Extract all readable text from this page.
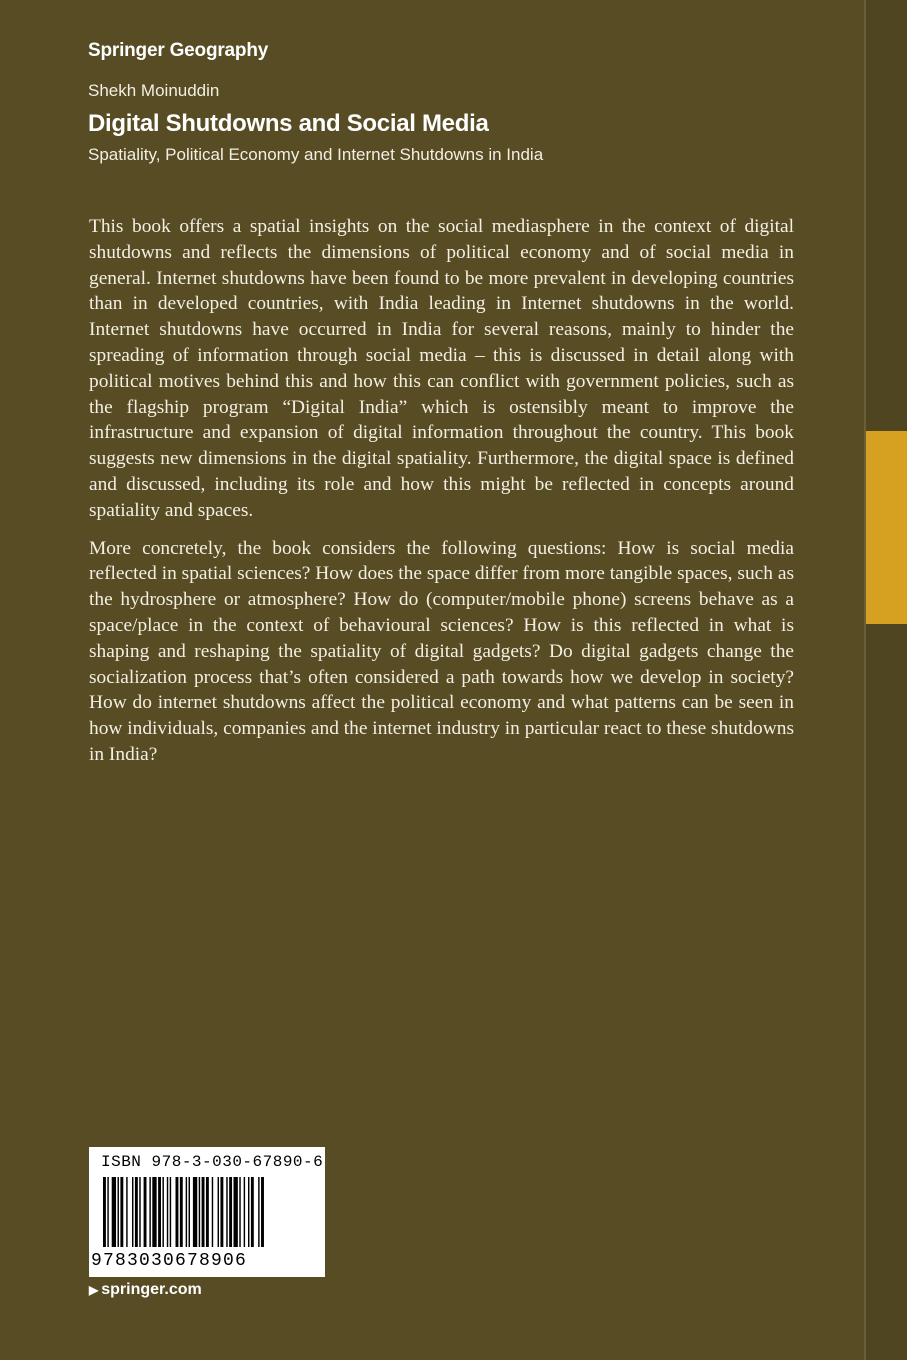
Springer Geography
Shekh Moinuddin
Digital Shutdowns and Social Media
Spatiality, Political Economy and Internet Shutdowns in India

This book offers a spatial insights on the social mediasphere in the context of digital shutdowns and reflects the dimensions of political economy and of social media in general. Internet shutdowns have been found to be more prevalent in developing countries than in developed countries, with India leading in Internet shutdowns in the world. Internet shutdowns have occurred in India for several reasons, mainly to hinder the spreading of information through social media – this is discussed in detail along with political motives behind this and how this can conflict with government policies, such as the flagship program “Digital India” which is ostensibly meant to improve the infrastructure and expansion of digital information throughout the country. This book suggests new dimensions in the digital spatiality. Furthermore, the digital space is defined and discussed, including its role and how this might be reflected in concepts around spatiality and spaces.

More concretely, the book considers the following questions: How is social media reflected in spatial sciences? How does the space differ from more tangible spaces, such as the hydrosphere or atmosphere? How do (computer/mobile phone) screens behave as a space/place in the context of behavioural sciences? How is this reflected in what is shaping and reshaping the spatiality of digital gadgets? Do digital gadgets change the socialization process that’s often considered a path towards how we develop in society? How do internet shutdowns affect the political economy and what patterns can be seen in how individuals, companies and the internet industry in particular react to these shutdowns in India?

ISBN 978-3-030-67890-6
9 783030678906
▶ springer.com
